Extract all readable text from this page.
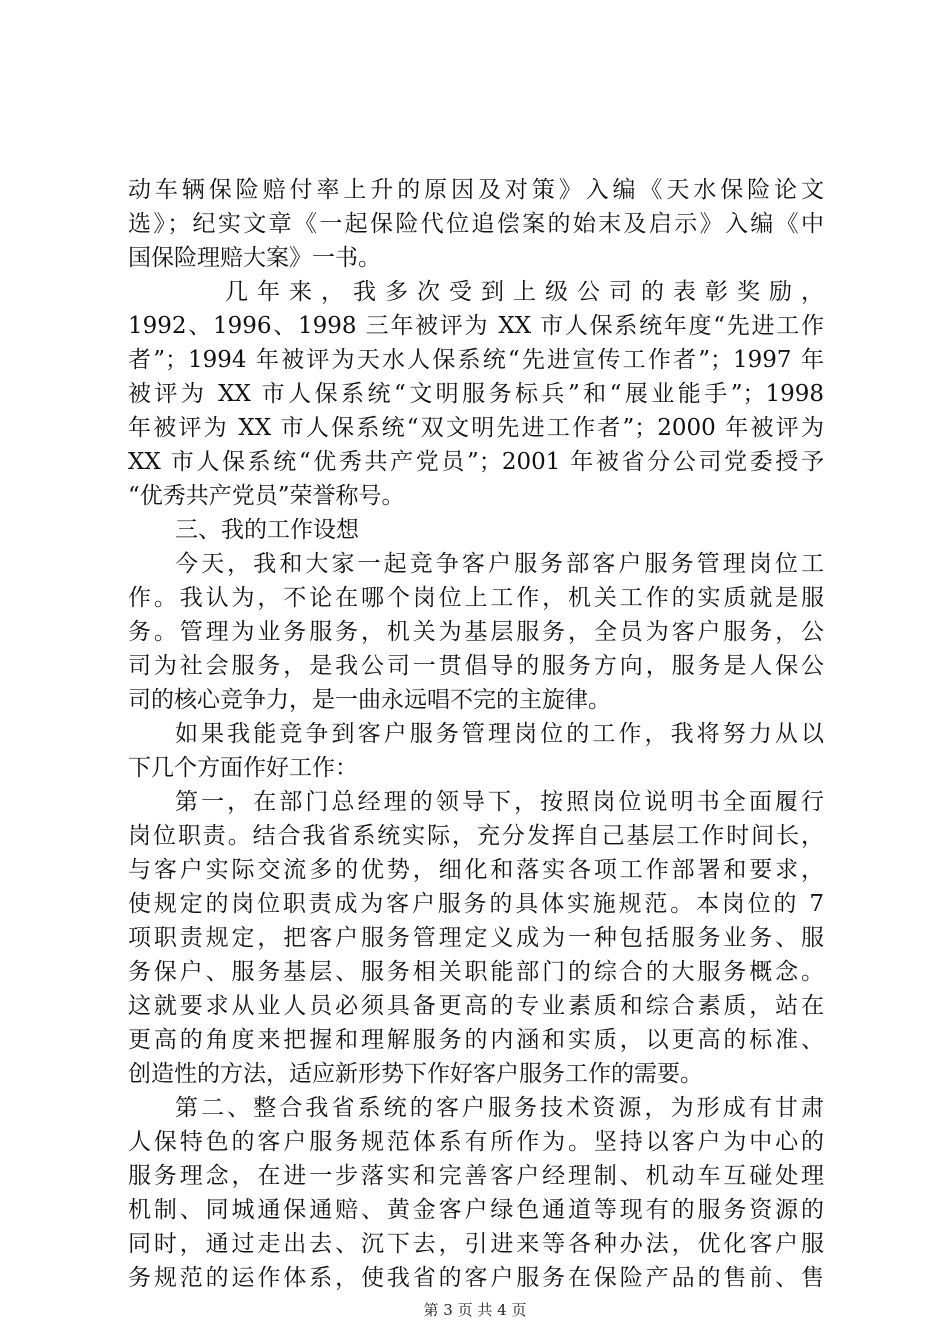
动车辆保险赔付率上升的原因及对策》入编《天水保险论文
选》；纪实文章《一起保险代位追偿案的始末及启示》入编《中
国保险理赔大案》一书。
几年来，我多次受到上级公司的表彰奖励，
1992、1996、1998 三年被评为 XX 市人保系统年度“先进工作
者”；1994 年被评为天水人保系统“先进宣传工作者”；1997 年
被评为 XX 市人保系统“文明服务标兵”和“展业能手”；1998
年被评为 XX 市人保系统“双文明先进工作者”；2000 年被评为
XX 市人保系统“优秀共产党员”；2001 年被省分公司党委授予
“优秀共产党员”荣誉称号。
三、我的工作设想
今天，我和大家一起竞争客户服务部客户服务管理岗位工
作。我认为，不论在哪个岗位上工作，机关工作的实质就是服
务。管理为业务服务，机关为基层服务，全员为客户服务，公
司为社会服务，是我公司一贯倡导的服务方向，服务是人保公
司的核心竞争力，是一曲永远唱不完的主旋律。
如果我能竞争到客户服务管理岗位的工作，我将努力从以
下几个方面作好工作：
第一，在部门总经理的领导下，按照岗位说明书全面履行
岗位职责。结合我省系统实际，充分发挥自己基层工作时间长，
与客户实际交流多的优势，细化和落实各项工作部署和要求，
使规定的岗位职责成为客户服务的具体实施规范。本岗位的 7
项职责规定，把客户服务管理定义成为一种包括服务业务、服
务保户、服务基层、服务相关职能部门的综合的大服务概念。
这就要求从业人员必须具备更高的专业素质和综合素质，站在
更高的角度来把握和理解服务的内涵和实质，以更高的标准、
创造性的方法，适应新形势下作好客户服务工作的需要。
第二、整合我省系统的客户服务技术资源，为形成有甘肃
人保特色的客户服务规范体系有所作为。坚持以客户为中心的
服务理念，在进一步落实和完善客户经理制、机动车互碰处理
机制、同城通保通赔、黄金客户绿色通道等现有的服务资源的
同时，通过走出去、沉下去，引进来等各种办法，优化客户服
务规范的运作体系，使我省的客户服务在保险产品的售前、售
第 3 页 共 4 页
